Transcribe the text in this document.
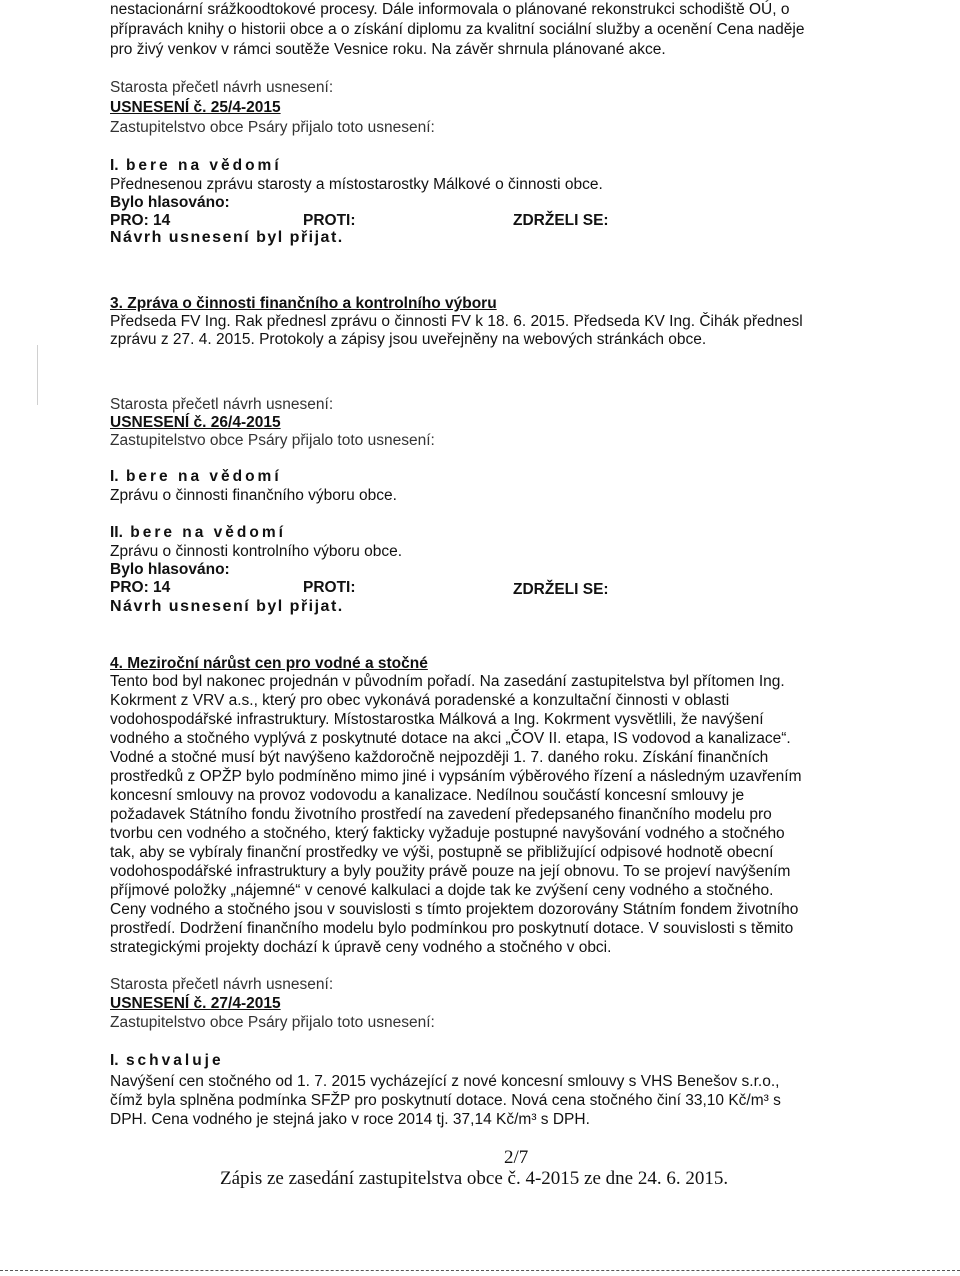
nestacionární srážkoodtokové procesy. Dále informovala o plánované rekonstrukci schodiště OÚ, o
přípravách knihy o historii obce a o získání diplomu za kvalitní sociální služby a ocenění Cena naděje
pro živý venkov v rámci soutěže Vesnice roku. Na závěr shrnula plánované akce.
Starosta přečetl návrh usnesení:
USNESENÍ č. 25/4-2015
Zastupitelstvo obce Psáry přijalo toto usnesení:
I. bere na vědomí
Přednesenou zprávu starosty a místostarostky Málkové o činnosti obce.
Bylo hlasováno:
PRO: 14	PROTI:	ZDRŽELI SE:
Návrh usnesení byl přijat.
3. Zpráva o činnosti finančního a kontrolního výboru
Předseda FV Ing. Rak přednesl zprávu o činnosti FV k 18. 6. 2015. Předseda KV Ing. Čihák přednesl
zprávu z 27. 4. 2015. Protokoly a zápisy jsou uveřejněny na webových stránkách obce.
Starosta přečetl návrh usnesení:
USNESENÍ č. 26/4-2015
Zastupitelstvo obce Psáry přijalo toto usnesení:
I. bere na vědomí
Zprávu o činnosti finančního výboru obce.
II. bere na vědomí
Zprávu o činnosti kontrolního výboru obce.
Bylo hlasováno:
PRO: 14	PROTI:	ZDRŽELI SE:
Návrh usnesení byl přijat.
4. Meziroční nárůst cen pro vodné a stočné
Tento bod byl nakonec projednán v původním pořadí. Na zasedání zastupitelstva byl přítomen Ing.
Kokrment z VRV a.s., který pro obec vykonává poradenské a konzultační činnosti v oblasti
vodohospodářské infrastruktury. Místostarostka Málková a Ing. Kokrment vysvětlili, že navýšení
vodného a stočného vyplývá z poskytnuté dotace na akci „ČOV II. etapa, IS vodovod a kanalizace“.
Vodné a stočné musí být navýšeno každoročně nejpozději 1. 7. daného roku. Získání finančních
prostředků z OPŽP bylo podmíněno mimo jiné i vypsáním výběrového řízení a následným uzavřením
koncesní smlouvy na provoz vodovodu a kanalizace. Nedílnou součástí koncesní smlouvy je
požadavek Státního fondu životního prostředí na zavedení předepsaného finančního modelu pro
tvorbu cen vodného a stočného, který fakticky vyžaduje postupné navyšování vodného a stočného
tak, aby se vybíraly finanční prostředky ve výši, postupně se přibližující odpisové hodnotě obecní
vodohospodářské infrastruktury a byly použity právě pouze na její obnovu. To se projeví navýšením
příjmové položky „nájemné“ v cenové kalkulaci a dojde tak ke zvýšení ceny vodného a stočného.
Ceny vodného a stočného jsou v souvislosti s tímto projektem dozorovány Státním fondem životního
prostředí. Dodržení finančního modelu bylo podmínkou pro poskytnutí dotace. V souvislosti s těmito
strategickými projekty dochází k úpravě ceny vodného a stočného v obci.
Starosta přečetl návrh usnesení:
USNESENÍ č. 27/4-2015
Zastupitelstvo obce Psáry přijalo toto usnesení:
I. schvaluje
Navýšení cen stočného od 1. 7. 2015 vycházející z nové koncesní smlouvy s VHS Benešov s.r.o.,
čímž byla splněna podmínka SFŽP pro poskytnutí dotace. Nová cena stočného činí 33,10 Kč/m³ s
DPH. Cena vodného je stejná jako v roce 2014 tj. 37,14 Kč/m³ s DPH.
2/7
Zápis ze zasedání zastupitelstva obce č. 4-2015 ze dne 24. 6. 2015.
